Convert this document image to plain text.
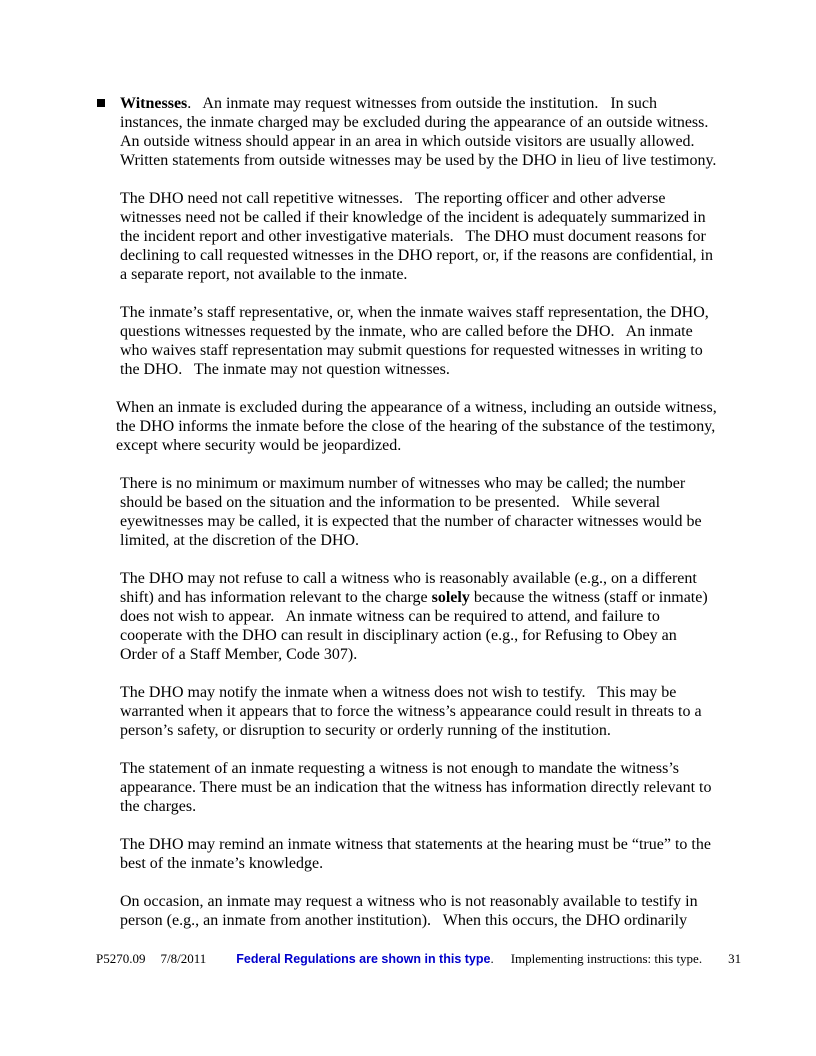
Witnesses.   An inmate may request witnesses from outside the institution.   In such instances, the inmate charged may be excluded during the appearance of an outside witness.  An outside witness should appear in an area in which outside visitors are usually allowed.  Written statements from outside witnesses may be used by the DHO in lieu of live testimony.

The DHO need not call repetitive witnesses.   The reporting officer and other adverse witnesses need not be called if their knowledge of the incident is adequately summarized in the incident report and other investigative materials.   The DHO must document reasons for declining to call requested witnesses in the DHO report, or, if the reasons are confidential, in a separate report, not available to the inmate.

The inmate’s staff representative, or, when the inmate waives staff representation, the DHO, questions witnesses requested by the inmate, who are called before the DHO.   An inmate who waives staff representation may submit questions for requested witnesses in writing to the DHO.   The inmate may not question witnesses.

When an inmate is excluded during the appearance of a witness, including an outside witness, the DHO informs the inmate before the close of the hearing of the substance of the testimony, except where security would be jeopardized.

There is no minimum or maximum number of witnesses who may be called; the number should be based on the situation and the information to be presented.   While several eyewitnesses may be called, it is expected that the number of character witnesses would be limited, at the discretion of the DHO.

The DHO may not refuse to call a witness who is reasonably available (e.g., on a different shift) and has information relevant to the charge solely because the witness (staff or inmate) does not wish to appear.   An inmate witness can be required to attend, and failure to cooperate with the DHO can result in disciplinary action (e.g., for Refusing to Obey an Order of a Staff Member, Code 307).

The DHO may notify the inmate when a witness does not wish to testify.   This may be warranted when it appears that to force the witness’s appearance could result in threats to a person’s safety, or disruption to security or orderly running of the institution.

The statement of an inmate requesting a witness is not enough to mandate the witness’s appearance. There must be an indication that the witness has information directly relevant to the charges.

The DHO may remind an inmate witness that statements at the hearing must be “true” to the best of the inmate’s knowledge.

On occasion, an inmate may request a witness who is not reasonably available to testify in person (e.g., an inmate from another institution).   When this occurs, the DHO ordinarily

P5270.09 7/8/2011 Federal Regulations are shown in this type. Implementing instructions: this type. 31
